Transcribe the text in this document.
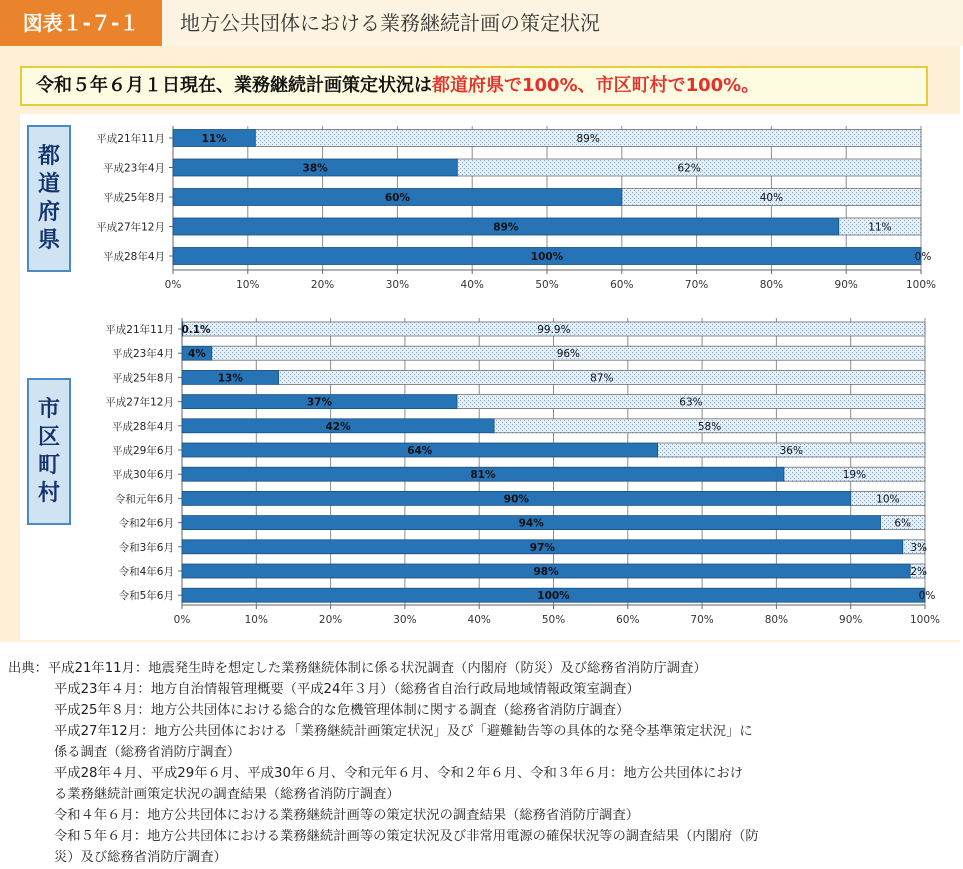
図表１-７-１	地方公共団体における業務継続計画の策定状況
令和５年６月１日現在、業務継続計画策定状況は都道府県で100%、市区町村で100%。
都
道
府
県
市
区
町
村
0%	10%	20%	30%	40%	50%	60%	70%	80%	90%	100%
平成21年11月	11%	89%
平成23年4月	38%	62%
平成25年8月	60%	40%
平成27年12月	89%	11%
平成28年4月	100%	0%
0%	10%	20%	30%	40%	50%	60%	70%	80%	90%	100%
平成21年11月 0.1%	99.9%
平成23年4月 4%	96%
平成25年8月	13%	87%
平成27年12月	37%	63%
平成28年4月	42%	58%
平成29年6月	64%	36%
平成30年6月	81%	19%
令和元年6月	90%	10%
令和2年6月	94%	6%
令和3年6月	97%	3%
令和4年6月	98%	2%
令和5年6月	100%	0%
出典：平成21年11月：地震発生時を想定した業務継続体制に係る状況調査（内閣府（防災）及び総務省消防庁調査）
平成23年４月：地方自治情報管理概要（平成24年３月）（総務省自治行政局地域情報政策室調査）
平成25年８月：地方公共団体における総合的な危機管理体制に関する調査（総務省消防庁調査）
平成27年12月：地方公共団体における「業務継続計画策定状況」及び「避難勧告等の具体的な発令基準策定状況」に
係る調査（総務省消防庁調査）
平成28年４月、平成29年６月、平成30年６月、令和元年６月、令和２年６月、令和３年６月：地方公共団体におけ
る業務継続計画策定状況の調査結果（総務省消防庁調査）
令和４年６月：地方公共団体における業務継続計画等の策定状況の調査結果（総務省消防庁調査）
令和５年６月：地方公共団体における業務継続計画等の策定状況及び非常用電源の確保状況等の調査結果（内閣府（防
災）及び総務省消防庁調査）
